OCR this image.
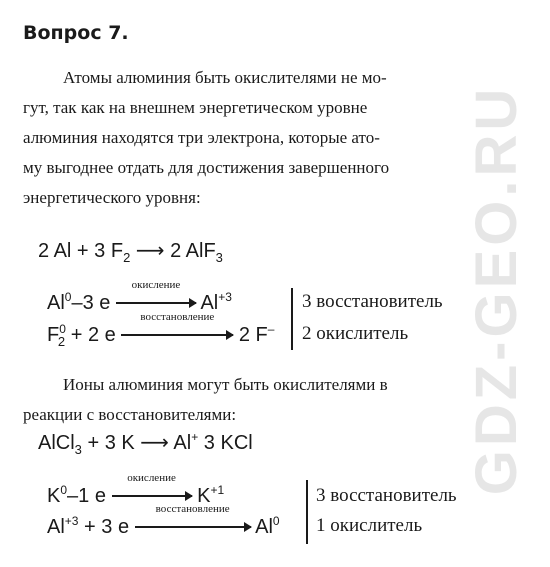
Вопрос 7.
Атомы алюминия быть окислителями не мо-
гут, так как на внешнем энергетическом уровне
алюминия находятся три электрона, которые ато-
му выгоднее отдать для достижения завершенного
энергетического уровня:
2 Al + 3 $F_2$ ⟶ 2 AlF$_3$
Al$^0$–3 e
окисление
$Al^{+3}$
$F^0_2 + 2$ e
восстановление
2 F–
3 восстановитель
2 окислитель
Ионы алюминия могут быть окислителями в
реакции с восстановителями:
AlCl$_3$ + 3 K ⟶ Al+ 3 KCl
$K^0-1$ e
окисление
$K^{+1}$
$Al^{+3} + 3$ e
восстановление
Al$^0$
3 восстановитель
1 окислитель
GDZ-GEO.RU
